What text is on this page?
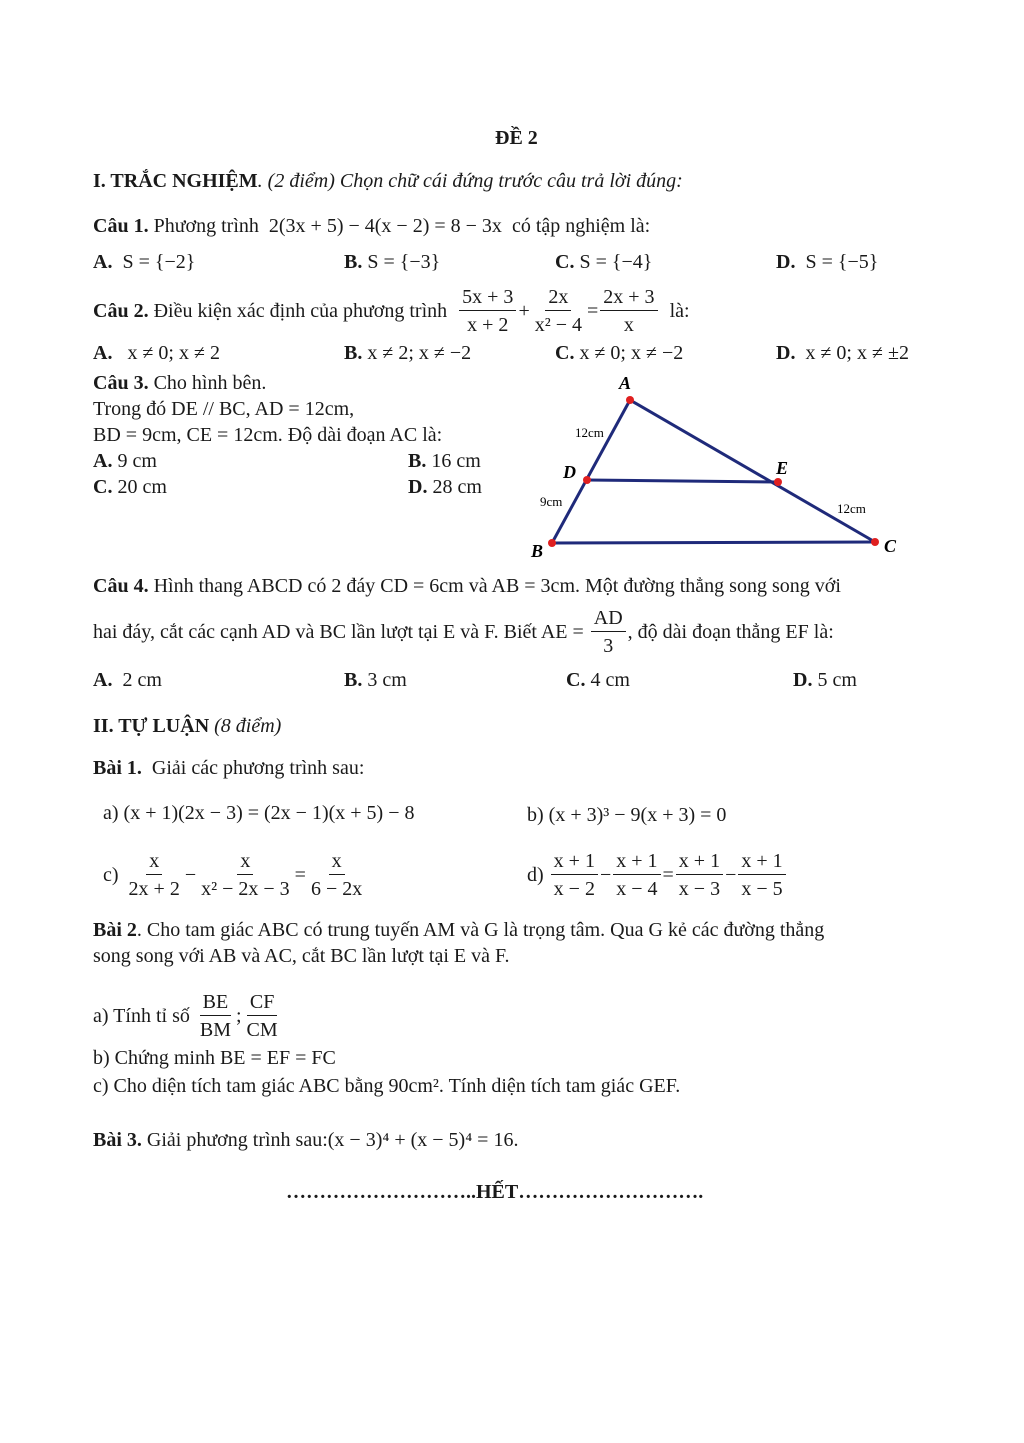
ĐỀ 2
I. TRẮC NGHIỆM. (2 điểm) Chọn chữ cái đứng trước câu trả lời đúng:
Câu 1. Phương trình 2(3x + 5) − 4(x − 2) = 8 − 3x có tập nghiệm là:
A. S = {−2}	B. S = {−3}	C. S = {−4}	D. S = {−5}
Câu 2.
Điều kiện xác định của phương trình
$\frac{5x + 3}{x + 2} + \frac{2x}{\text{x² − 4}} = \frac{2x + 3}{x}$
là:
A. x ≠ 0; x ≠ 2	B. x ≠ 2; x ≠ −2	C. x ≠ 0; x ≠ −2	D. x ≠ 0; x ≠ ±2
Câu 3. Cho hình bên.
Trong đó DE // BC, AD = 12cm,
BD = 9cm, CE = 12cm. Độ dài đoạn AC là:
A. 9 cm	B. 16 cm
C. 20 cm	D. 28 cm
A
B	C
D	E
12cm
9cm	12cm
Câu 4. Hình thang ABCD có 2 đáy CD = 6cm và AB = 3cm. Một đường thẳng song song với
hai đáy, cắt các cạnh AD và BC lần lượt tại E và F. Biết AE =
$\frac{AD}{3}$ , độ dài đoạn thẳng EF là:
A. 2 cm	B. 3 cm	C. 4 cm	D. 5 cm
II. TỰ LUẬN (8 điểm)
Bài 1. Giải các phương trình sau:
a) (x + 1)(2x − 3) = (2x − 1)(x + 5) − 8	b) (x + 3)³ − 9(x + 3) = 0
c)
$\frac{x}{2x + 2} - \frac{x}{\text{x² − 2x − 3}} = \frac{x}{6 - 2x}$	d)
$\frac{x + 1}{x - 2} - \frac{x + 1}{x - 4} = \frac{x + 1}{x - 3} - \frac{x + 1}{x - 5}$
Bài 2. Cho tam giác ABC có trung tuyến AM và G là trọng tâm. Qua G kẻ các đường thẳng
song song với AB và AC, cắt BC lần lượt tại E và F.
a) Tính tỉ số
$\frac{BE}{BM}$ ; $\frac{CF}{CM}$
b) Chứng minh BE = EF = FC
c) Cho diện tích tam giác ABC bằng 90cm². Tính diện tích tam giác GEF.
Bài 3. Giải phương trình sau:(x − 3)⁴ + (x − 5)⁴ = 16.
………………………..HẾT……………………….
